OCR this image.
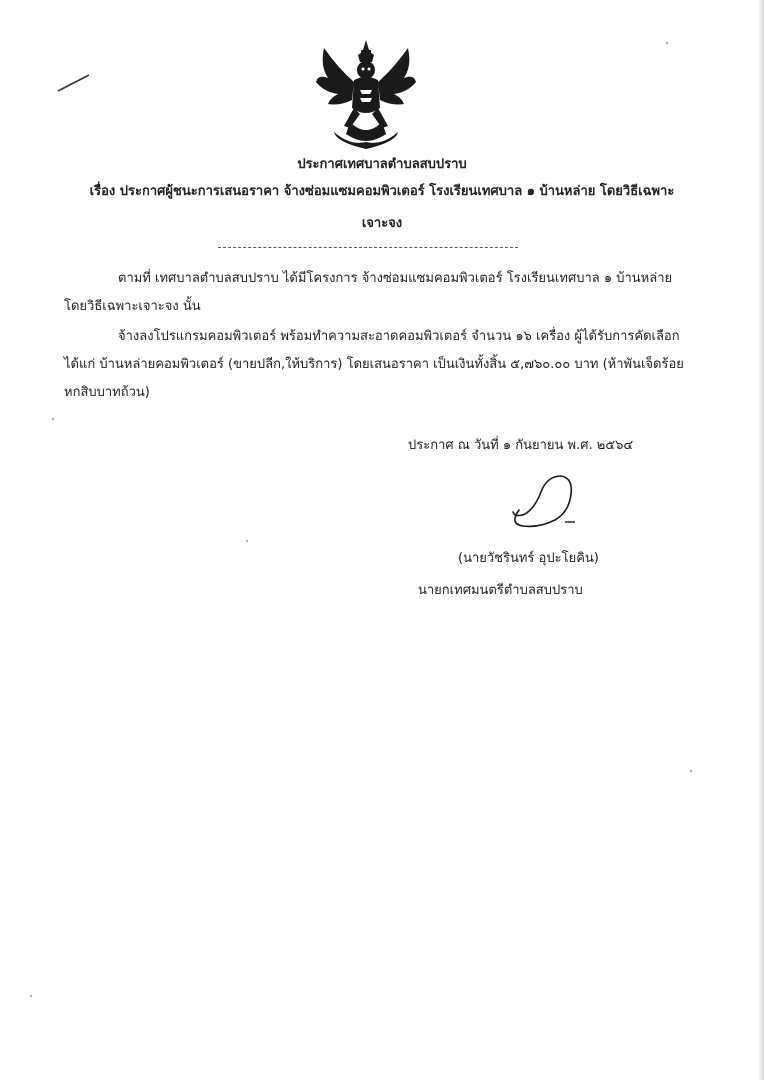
ประกาศเทศบาลตำบลสบปราบ
เรื่อง ประกาศผู้ชนะการเสนอราคา จ้างซ่อมแซมคอมพิวเตอร์ โรงเรียนเทศบาล ๑ บ้านหล่าย โดยวิธีเฉพาะ
เจาะจง
ตามที่ เทศบาลตำบลสบปราบ ได้มีโครงการ จ้างซ่อมแซมคอมพิวเตอร์ โรงเรียนเทศบาล ๑ บ้านหล่าย
โดยวิธีเฉพาะเจาะจง นั้น
จ้างลงโปรแกรมคอมพิวเตอร์ พร้อมทำความสะอาดคอมพิวเตอร์ จำนวน ๑๖ เครื่อง ผู้ได้รับการคัดเลือก
ได้แก่ บ้านหล่ายคอมพิวเตอร์ (ขายปลีก,ให้บริการ) โดยเสนอราคา เป็นเงินทั้งสิ้น ๕,๗๖๐.๐๐ บาท (ห้าพันเจ็ดร้อย
หกสิบบาทถ้วน)
ประกาศ ณ วันที่ ๑ กันยายน พ.ศ. ๒๕๖๔
(นายวัชรินทร์ อุปะโยคิน)
นายกเทศมนตรีตำบลสบปราบ
